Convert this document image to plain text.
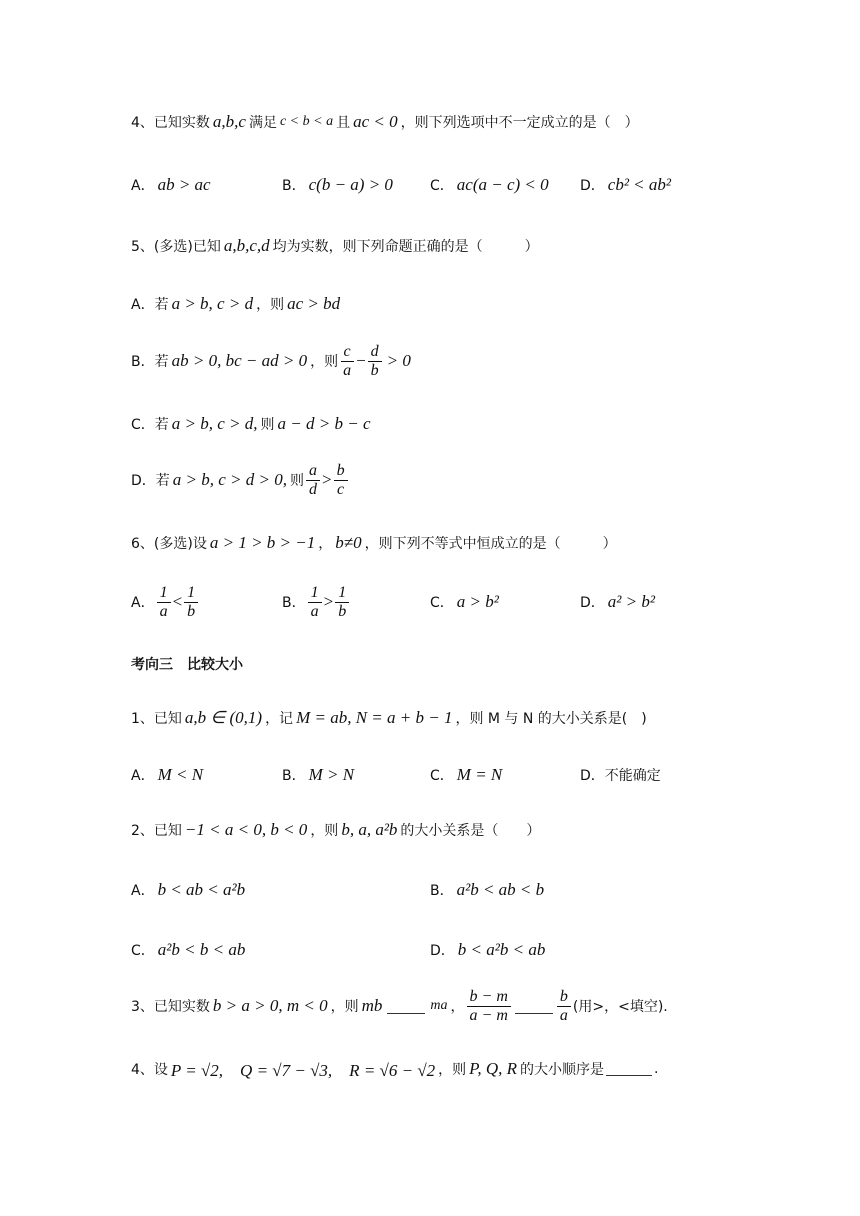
4、已知实数 a,b,c 满足 c < b < a 且 ac < 0 ，则下列选项中不一定成立的是（　）
A． ab > ac	B． c(b − a) > 0	C． ac(a − c) < 0 D． cb² < ab²
5、(多选)已知 a,b,c,d 均为实数，则下列命题正确的是（　　　）
A．若 a > b, c > d ，则 ac > bd
B．若 ab > 0, bc − ad > 0 ，则 $\frac{c}{a} - \frac{d}{b} > 0$
C．若 a > b, c > d, 则 a − d > b − c
D．若 a > b, c > d > 0, 则 $\frac{a}{d} > \frac{b}{c}$
6、(多选)设 a > 1 > b > −1 ， b≠0 ，则下列不等式中恒成立的是（　　　）
A． $\frac{1}{a} < \frac{1}{b}$	B． $\frac{1}{a} > \frac{1}{b}$	C． a > b²	D． a² > b²
考向三　比较大小
1、已知 a,b ∈ (0,1) ，记 M = ab, N = a + b − 1 ，则 M 与 N 的大小关系是(　)
A． M < N	B． M > N	C． M = N	D． 不能确定
2、已知 −1 < a < 0, b < 0 ，则 b, a, a²b 的大小关系是（　　）
A． b < ab < a²b	B． a²b < ab < b
C． a²b < b < ab	D． b < a²b < ab
3、已知实数 b > a > 0, m < 0 ，则 mb	ma ， $\frac{b - m}{a - m}$	$\frac{b}{a}$ (用>，<填空).
4、设 P = √2,　Q = √7 − √3,　R = √6 − √2 ，则 P, Q, R 的大小顺序是	.
